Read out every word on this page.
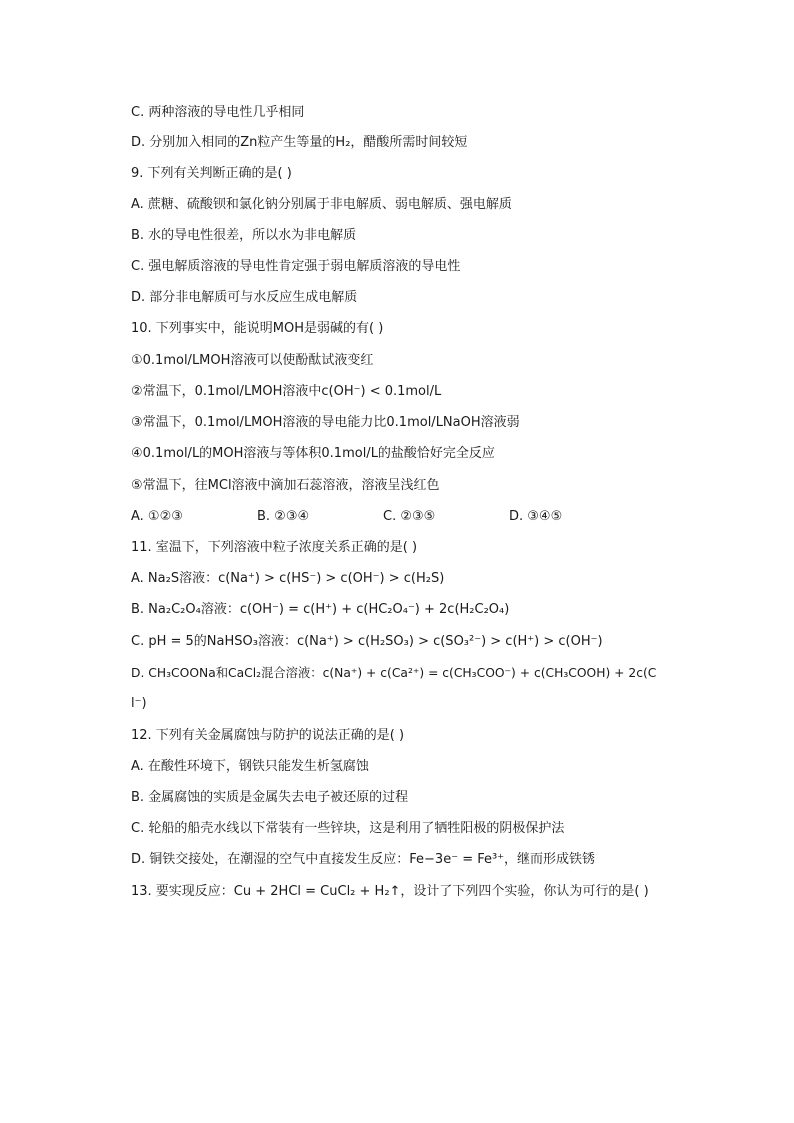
C. 两种溶液的导电性几乎相同
D. 分别加入相同的Zn粒产生等量的H₂，醋酸所需时间较短
9. 下列有关判断正确的是( )
A. 蔗糖、硫酸钡和氯化钠分别属于非电解质、弱电解质、强电解质
B. 水的导电性很差，所以水为非电解质
C. 强电解质溶液的导电性肯定强于弱电解质溶液的导电性
D. 部分非电解质可与水反应生成电解质
10. 下列事实中，能说明MOH是弱碱的有( )
①0.1mol/LMOH溶液可以使酚酞试液变红
②常温下，0.1mol/LMOH溶液中c(OH⁻) < 0.1mol/L
③常温下，0.1mol/LMOH溶液的导电能力比0.1mol/LNaOH溶液弱
④0.1mol/L的MOH溶液与等体积0.1mol/L的盐酸恰好完全反应
⑤常温下，往MCl溶液中滴加石蕊溶液，溶液呈浅红色
A. ①②③	B. ②③④	C. ②③⑤	D. ③④⑤
11. 室温下，下列溶液中粒子浓度关系正确的是( )
A. Na₂S溶液：c(Na⁺) > c(HS⁻) > c(OH⁻) > c(H₂S)
B. Na₂C₂O₄溶液：c(OH⁻) = c(H⁺) + c(HC₂O₄⁻) + 2c(H₂C₂O₄)
C. pH = 5的NaHSO₃溶液：c(Na⁺) > c(H₂SO₃) > c(SO₃²⁻) > c(H⁺) > c(OH⁻)
D. CH₃COONa和CaCl₂混合溶液：c(Na⁺) + c(Ca²⁺) = c(CH₃COO⁻) + c(CH₃COOH) + 2c(C
l⁻)
12. 下列有关金属腐蚀与防护的说法正确的是( )
A. 在酸性环境下，钢铁只能发生析氢腐蚀
B. 金属腐蚀的实质是金属失去电子被还原的过程
C. 轮船的船壳水线以下常装有一些锌块，这是利用了牺牲阳极的阴极保护法
D. 铜铁交接处，在潮湿的空气中直接发生反应：Fe−3e⁻ = Fe³⁺，继而形成铁锈
13. 要实现反应：Cu + 2HCl = CuCl₂ + H₂↑，设计了下列四个实验，你认为可行的是( )
